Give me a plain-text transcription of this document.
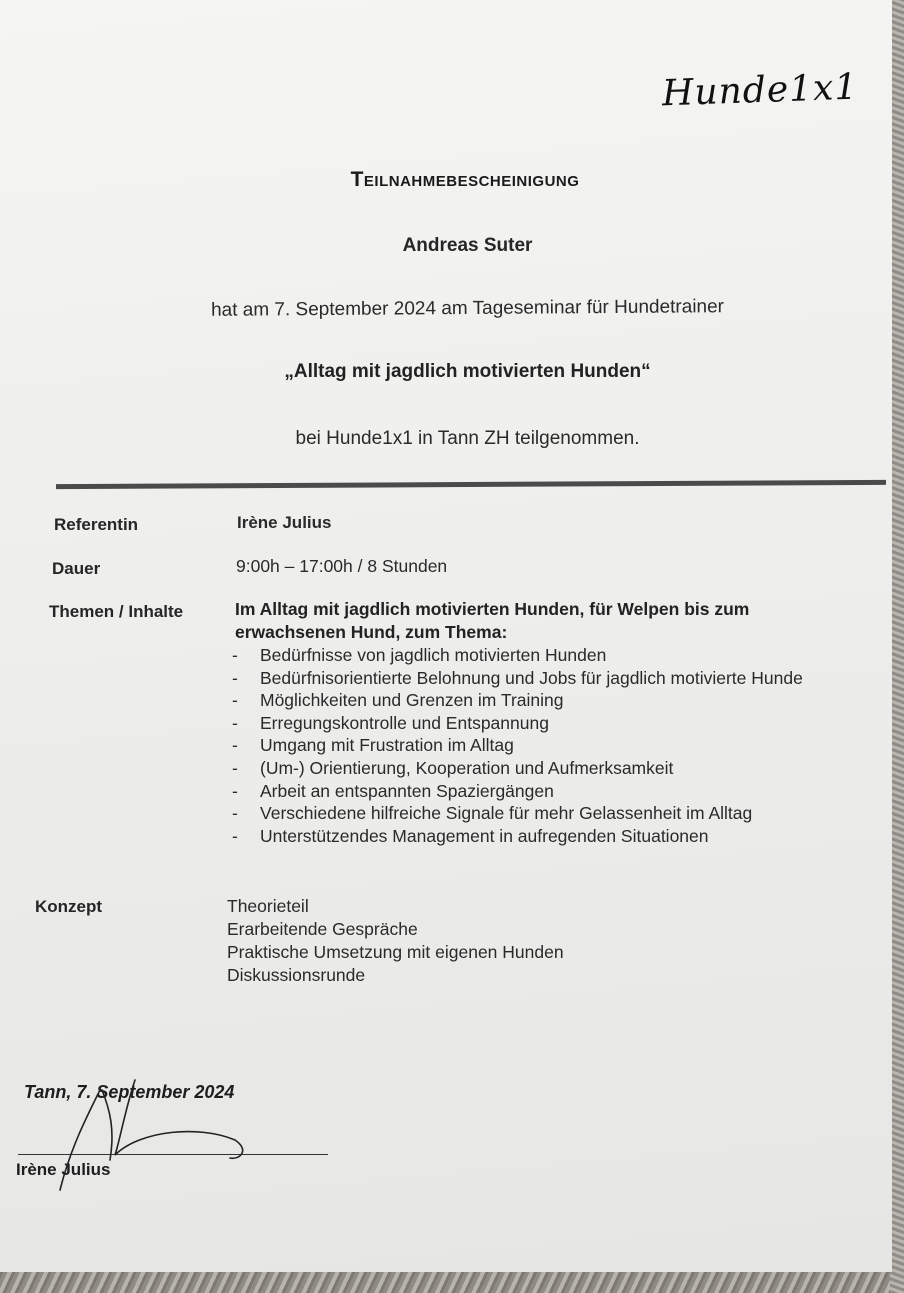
Hunde1x1
Teilnahmebescheinigung
Andreas Suter
hat am 7. September 2024 am Tageseminar für Hundetrainer
„Alltag mit jagdlich motivierten Hunden“
bei Hunde1x1 in Tann ZH teilgenommen.
Referentin	Irène Julius
Dauer	9:00h – 17:00h / 8 Stunden
Themen / Inhalte	Im Alltag mit jagdlich motivierten Hunden, für Welpen bis zum erwachsenen Hund, zum Thema:
- Bedürfnisse von jagdlich motivierten Hunden
- Bedürfnisorientierte Belohnung und Jobs für jagdlich motivierte Hunde
- Möglichkeiten und Grenzen im Training
- Erregungskontrolle und Entspannung
- Umgang mit Frustration im Alltag
- (Um-) Orientierung, Kooperation und Aufmerksamkeit
- Arbeit an entspannten Spaziergängen
- Verschiedene hilfreiche Signale für mehr Gelassenheit im Alltag
- Unterstützendes Management in aufregenden Situationen
Konzept	Theorieteil
Erarbeitende Gespräche
Praktische Umsetzung mit eigenen Hunden
Diskussionsrunde
Tann, 7. September 2024
Irène Julius
